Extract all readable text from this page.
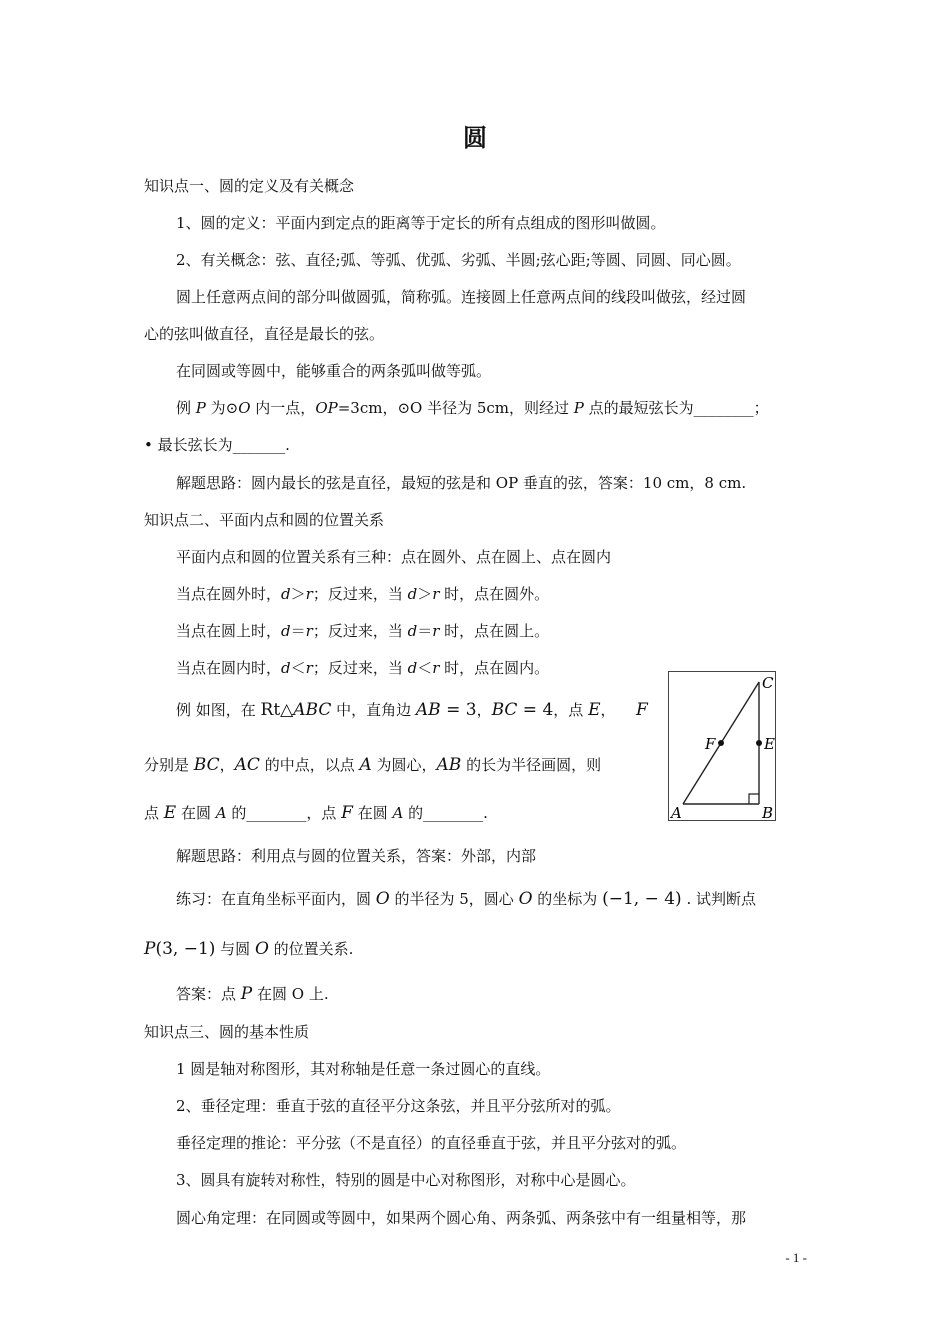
圆
知识点一、圆的定义及有关概念
1、圆的定义：平面内到定点的距离等于定长的所有点组成的图形叫做圆。
2、有关概念：弦、直径;弧、等弧、优弧、劣弧、半圆;弦心距;等圆、同圆、同心圆。
圆上任意两点间的部分叫做圆弧，简称弧。连接圆上任意两点间的线段叫做弦，经过圆
心的弦叫做直径，直径是最长的弦。
在同圆或等圆中，能够重合的两条弧叫做等弧。
例 P 为⊙O 内一点，OP=3cm，⊙O 半径为 5cm，则经过 P 点的最短弦长为________；
• 最长弦长为_______.
解题思路：圆内最长的弦是直径，最短的弦是和 OP 垂直的弦，答案：10 cm，8 cm.
知识点二、平面内点和圆的位置关系
平面内点和圆的位置关系有三种：点在圆外、点在圆上、点在圆内
当点在圆外时，d＞r；反过来，当 d＞r 时，点在圆外。
当点在圆上时，d＝r；反过来，当 d＝r 时，点在圆上。
当点在圆内时，d＜r；反过来，当 d＜r 时，点在圆内。
例 如图，在 Rt△ABC 中，直角边 AB = 3，BC = 4，点 E， F
分别是 BC，AC 的中点，以点 A 为圆心，AB 的长为半径画圆，则
点 E 在圆 A 的________，点 F 在圆 A 的________.	A	B
C
E
F
解题思路：利用点与圆的位置关系，答案：外部，内部
练习：在直角坐标平面内，圆 O 的半径为 5，圆心 O 的坐标为 (−1, − 4) . 试判断点
P(3, −1) 与圆 O 的位置关系.
答案：点 P 在圆 O 上.
知识点三、圆的基本性质
1 圆是轴对称图形，其对称轴是任意一条过圆心的直线。
2、垂径定理：垂直于弦的直径平分这条弦，并且平分弦所对的弧。
垂径定理的推论：平分弦（不是直径）的直径垂直于弦，并且平分弦对的弧。
3、圆具有旋转对称性，特别的圆是中心对称图形，对称中心是圆心。
圆心角定理：在同圆或等圆中，如果两个圆心角、两条弧、两条弦中有一组量相等，那
- 1 -
